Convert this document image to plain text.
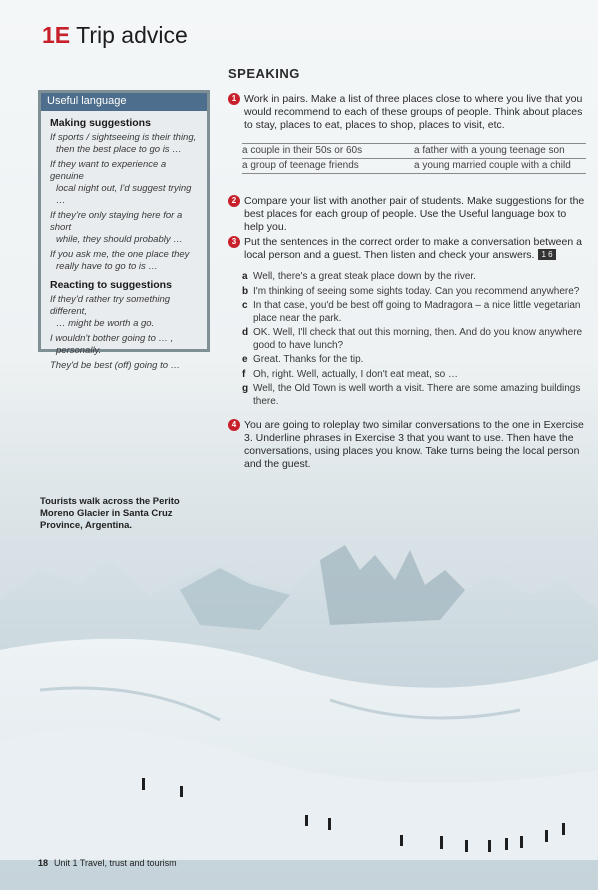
1E Trip advice
Useful language
Making suggestions
If sports / sightseeing is their thing,
then the best place to go is …
If they want to experience a genuine
local night out, I'd suggest trying …
If they're only staying here for a short
while, they should probably …
If you ask me, the one place they
really have to go to is …
Reacting to suggestions
If they'd rather try something different,
… might be worth a go.
I wouldn't bother going to … ,
personally.
They'd be best (off) going to …
SPEAKING
1 Work in pairs. Make a list of three places close to where you live that you would recommend to each of these groups of people. Think about places to stay, places to eat, places to shop, places to visit, etc.
a couple in their 50s or 60s	a father with a young teenage son
a group of teenage friends	a young married couple with a child
2 Compare your list with another pair of students. Make suggestions for the best places for each group of people. Use the Useful language box to help you.
3 Put the sentences in the correct order to make a conversation between a local person and a guest. Then listen and check your answers. 1 6
a Well, there's a great steak place down by the river.
b I'm thinking of seeing some sights today. Can you recommend anywhere?
c In that case, you'd be best off going to Madragora – a nice little vegetarian place near the park.
d OK. Well, I'll check that out this morning, then. And do you know anywhere good to have lunch?
e Great. Thanks for the tip.
f Oh, right. Well, actually, I don't eat meat, so …
g Well, the Old Town is well worth a visit. There are some amazing buildings there.
4 You are going to roleplay two similar conversations to the one in Exercise 3. Underline phrases in Exercise 3 that you want to use. Then have the conversations, using places you know. Take turns being the local person and the guest.
Tourists walk across the Perito Moreno Glacier in Santa Cruz Province, Argentina.
18 Unit 1 Travel, trust and tourism
